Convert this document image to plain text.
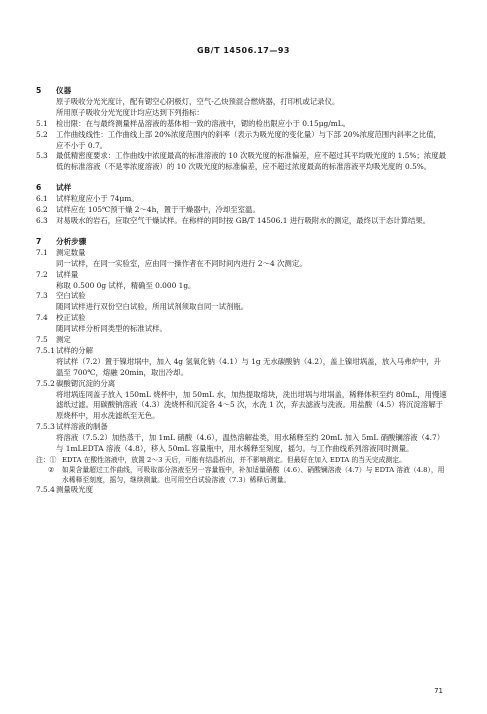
GB/T 14506.17—93

5 仪器

原子吸收分光光度计，配有锶空心阴极灯，空气-乙炔预混合燃烧器，打印机或记录仪。

所用原子吸收分光光度计均应达到下列指标：

5.1 检出限：在与最终测量样品溶液的基体相一致的溶液中，锶的检出限应小于 0.15μg/mL。

5.2 工作曲线线性：工作曲线上部 20%浓度范围内的斜率（表示为吸光度的变化量）与下部 20%浓度范围内斜率之比值，应不小于 0.7。

5.3 最低精密度要求：工作曲线中浓度最高的标准溶液的 10 次吸光度的标准偏差，应不超过其平均吸光度的 1.5%；浓度最低的标准溶液（不是零浓度溶液）的 10 次吸光度的标准偏差，应不超过浓度最高的标准溶液平均吸光度的 0.5%。

6 试样

6.1 试样粒度应小于 74μm。

6.2 试样应在 105℃预干燥 2～4h，置于干燥器中，冷却至室温。

6.3 对易吸水的岩石，应取空气干燥试样。在称样的同时按 GB/T 14506.1 进行吸附水的测定，最终以干态计算结果。

7 分析步骤

7.1 测定数量

同一试样，在同一实验室，应由同一操作者在不同时间内进行 2～4 次测定。

7.2 试样量

称取 0.500 0g 试样，精确至 0.000 1g。

7.3 空白试验

随同试样进行双份空白试验，所用试剂须取自同一试剂瓶。

7.4 校正试验

随同试样分析同类型的标准试样。

7.5 测定

7.5.1 试样的分解

将试样（7.2）置于镍坩埚中，加入 4g 氢氧化钠（4.1）与 1g 无水碳酸钠（4.2），盖上镍坩埚盖，放入马弗炉中，升温至 700℃，熔融 20min，取出冷却。

7.5.2 碳酸锶沉淀的分离

将坩埚连同盖子放入 150mL 烧杯中，加 50mL 水，加热提取熔块，洗出坩埚与坩埚盖，稀释体积至约 80mL，用慢速滤纸过滤。用碳酸钠溶液（4.3）洗烧杯和沉淀各 4～5 次，水洗 1 次，弃去滤液与洗液。用盐酸（4.5）将沉淀溶解于原烧杯中，用水洗滤纸至无色。

7.5.3 试样溶液的制备

将溶液（7.5.2）加热蒸干，加 1mL 硝酸（4.6），温热溶解盐类，用水稀释至约 20mL 加入 5mL 硝酸镧溶液（4.7）与 1mLEDTA 溶液（4.8），移入 50mL 容量瓶中，用水稀释至刻度，摇匀。与工作曲线系列溶液同时测量。

注：① EDTA 在酸性溶液中，放置 2～3 天后，可能有结晶析出，并不影响测定。但最好在加入 EDTA 的当天完成测定。

② 如果含量超过工作曲线，可吸取部分溶液至另一容量瓶中，补加适量硝酸（4.6）、硝酸镧溶液（4.7）与 EDTA 溶液（4.8），用水稀释至刻度，摇匀，继续测量。也可用空白试验溶液（7.3）稀释后测量。

7.5.4 测量吸光度

71
